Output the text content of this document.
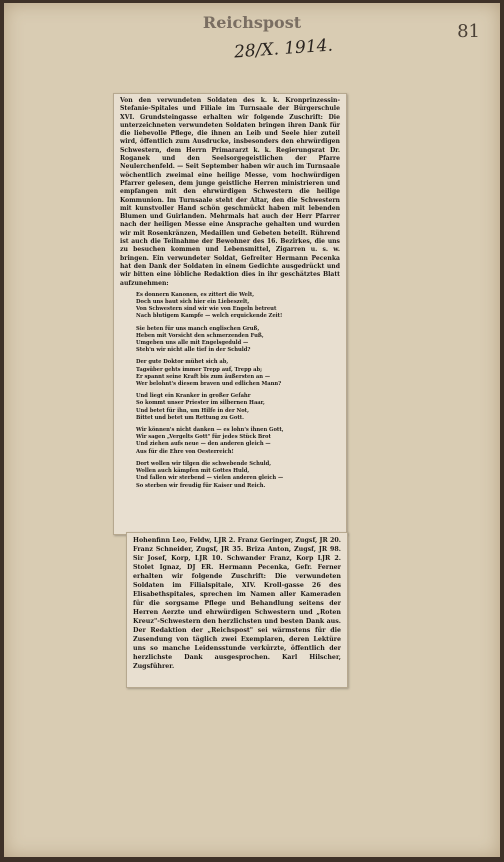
Reichspost	81
28/X. 1914.

Von den verwundeten Soldaten des k. k. Kronprinzessin-Stefanie-Spitales und Filiale im Turnsaale der Bürgerschule XVI. Grundsteingasse erhalten wir folgende Zuschrift: Die unterzeichneten verwundeten Soldaten bringen ihren Dank für die liebevolle Pflege, die ihnen an Leib und Seele hier zuteil wird, öffentlich zum Ausdrucke, insbesonders den ehrwürdigen Schwestern, dem Herrn Primararzt k. k. Regierungsrat Dr. Roganek und den Seelsorgegeistlichen der Pfarre Neulerchenfeld. — Seit September haben wir auch im Turnsaale wöchentlich zweimal eine heilige Messe, vom hochwürdigen Pfarrer gelesen, dem junge geistliche Herren ministrieren und empfangen mit den ehrwürdigen Schwestern die heilige Kommunion. Im Turnsaale steht der Altar, den die Schwestern mit kunstvoller Hand schön geschmückt haben mit lebenden Blumen und Guirlanden. Mehrmals hat auch der Herr Pfarrer nach der heiligen Messe eine Ansprache gehalten und wurden wir mit Rosenkränzen, Medaillen und Gebeten beteilt. Rührend ist auch die Teilnahme der Bewohner des 16. Bezirkes, die uns zu besuchen kommen und Lebensmittel, Zigarren u. s. w. bringen. Ein verwundeter Soldat, Gefreiter Hermann Pecenka hat den Dank der Soldaten in einem Gedichte ausgedrückt und wir bitten eine löbliche Redaktion dies in ihr geschätztes Blatt aufzunehmen:

Es donnern Kanonen, es zittert die Welt,
Doch uns baut sich hier ein Liebeszelt,
Von Schwestern sind wir wie von Engeln betreut
Nach blutigem Kampfe — welch erquickende Zeit!
Sie beten für uns manch englischen Gruß,
Heben mit Vorsicht den schmerzenden Fuß,
Umgeben uns alle mit Engelsgeduld —
Steh'n wir nicht alle tief in der Schuld?
Der gute Doktor mühet sich ab,
Tagsüber gehts immer Trepp auf, Trepp ab;
Er spannt seine Kraft bis zum äußersten an —
Wer belohnt's diesem braven und edlichen Mann?
Und liegt ein Kranker in großer Gefahr
So kommt unser Priester im silbernen Haar,
Und betet für ihn, um Hilfe in der Not,
Bittet und betet um Rettung zu Gott.
Wir können's nicht danken — es lohn's ihnen Gott,
Wir sagen „Vergelts Gott" für jedes Stück Brot
Und ziehen aufs neue — den anderen gleich —
Aus für die Ehre von Oesterreich!
Dort wollen wir tilgen die schwebende Schuld,
Wollen auch kämpfen mit Gottes Huld,
Und fallen wir sterbend — vielen anderen gleich —
So sterben wir freudig für Kaiser und Reich.

Hohenfinn Leo, Feldw, LJR 2. Franz Geringer, Zugsf, JR 20. Franz Schneider, Zugsf, JR 35. Briza Anton, Zugsf, JR 98. Sir Josef, Korp, LJR 10. Schwander Franz, Korp LJR 2. Stolet Ignaz, DJ ER. Hermann Pecenka, Gefr. Ferner erhalten wir folgende Zuschrift: Die verwundeten Soldaten im Filialspitale, XIV. Kroll-gasse 26 des Elisabethspitales, sprechen im Namen aller Kameraden für die sorgsame Pflege und Behandlung seitens der Herren Aerzte und ehrwürdigen Schwestern und „Roten Kreuz"-Schwestern den herzlichsten und besten Dank aus. Der Redaktion der „Reichspost" sei wärmstens für die Zusendung von täglich zwei Exemplaren, deren Lektüre uns so manche Leidensstunde verkürzte, öffentlich der herzlichste Dank ausgesprochen. Karl Hilscher, Zugsführer.
